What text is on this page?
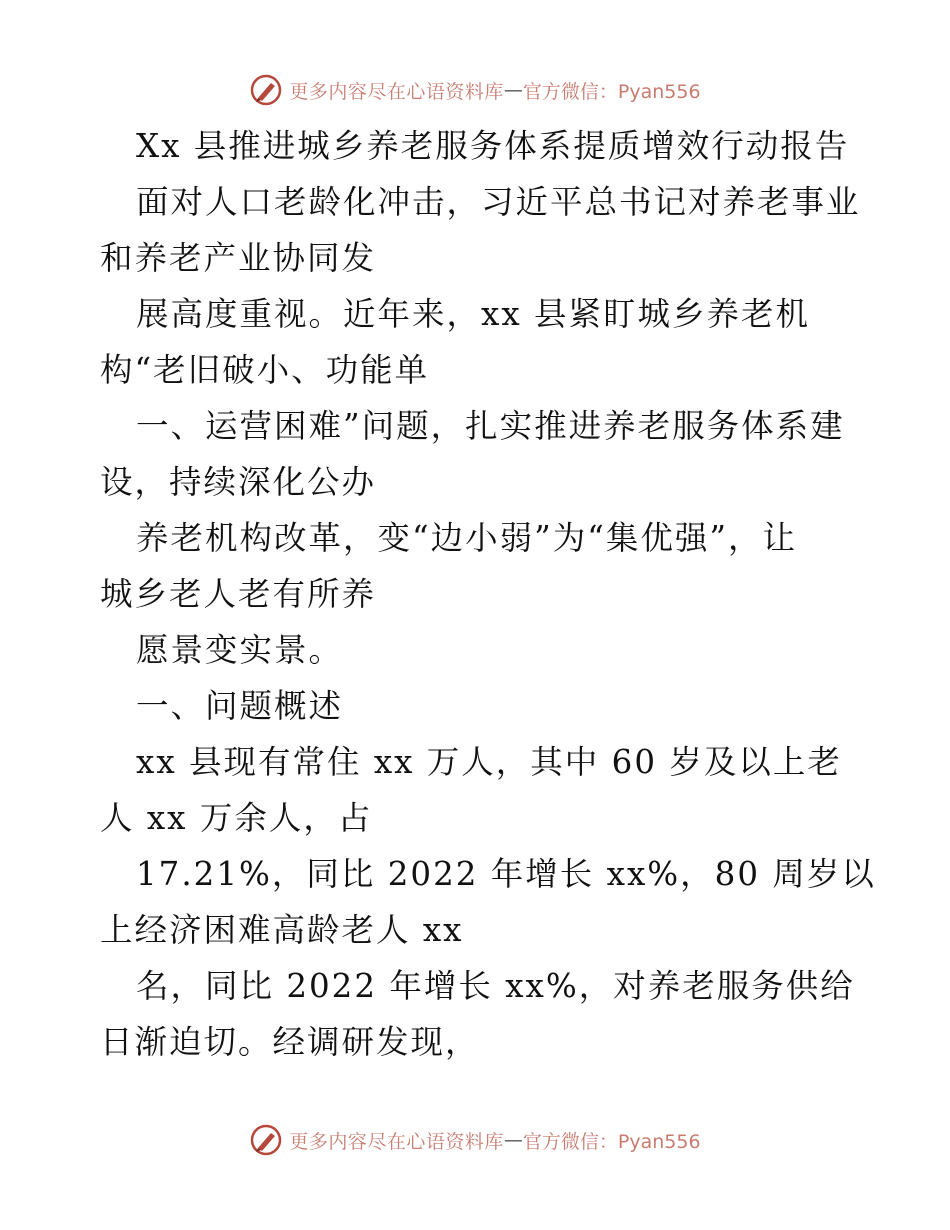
更多内容尽在心语资料库 — 官方微信：Pyan556
Xx 县推进城乡养老服务体系提质增效行动报告
面对人口老龄化冲击，习近平总书记对养老事业
和养老产业协同发
展高度重视。近年来，xx 县紧盯城乡养老机
构“老旧破小、功能单
一、运营困难”问题，扎实推进养老服务体系建
设，持续深化公办
养老机构改革，变“边小弱”为“集优强”，让
城乡老人老有所养
愿景变实景。
一、问题概述
xx 县现有常住 xx 万人，其中 60 岁及以上老
人 xx 万余人，占
17.21%，同比 2022 年增长 xx%，80 周岁以
上经济困难高龄老人 xx
名，同比 2022 年增长 xx%，对养老服务供给
日渐迫切。经调研发现，
更多内容尽在心语资料库 — 官方微信：Pyan556
